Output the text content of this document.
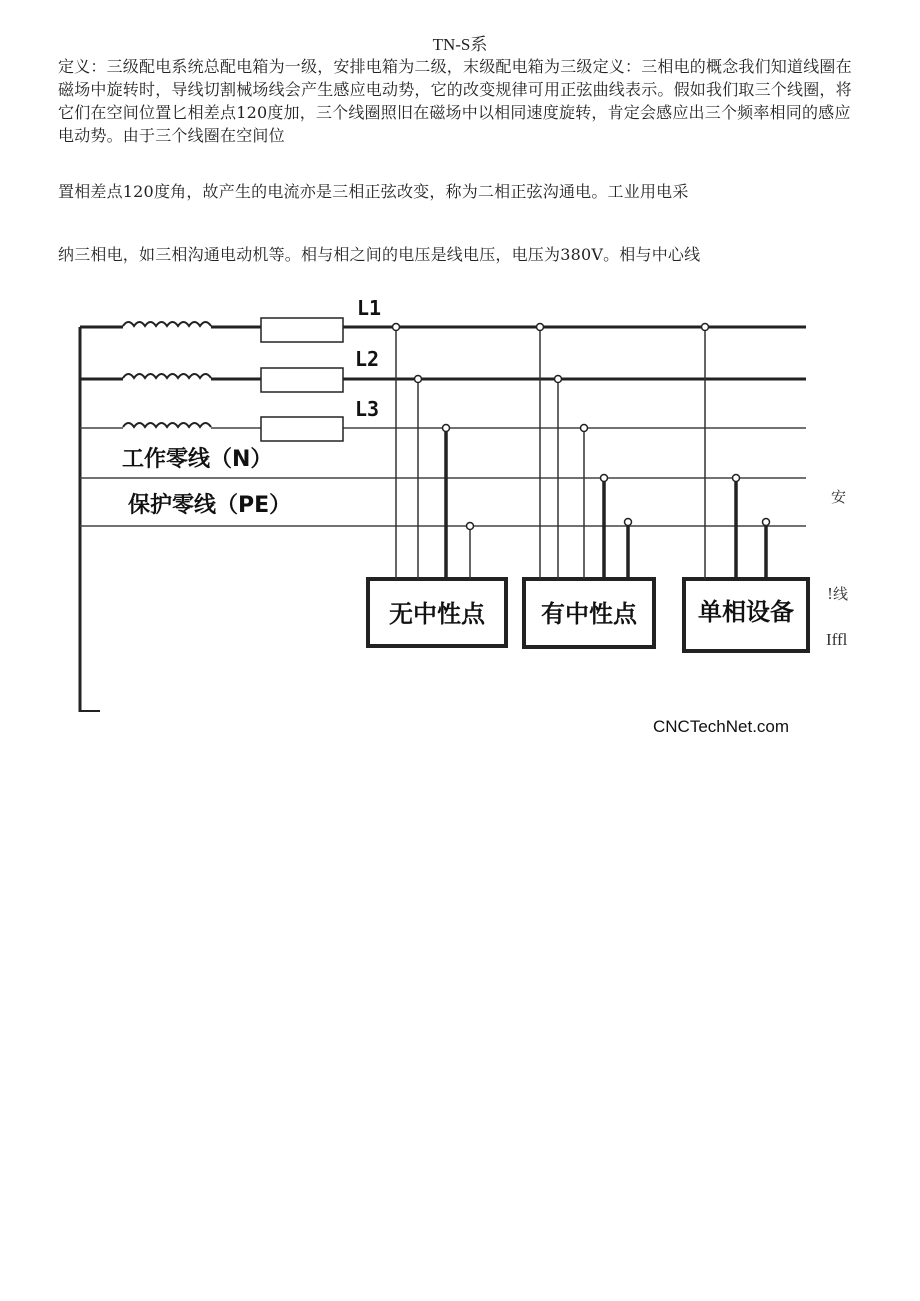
TN-S系

定义：三级配电系统总配电箱为一级，安排电箱为二级，末级配电箱为三级定义：三相电的概念我们知道线圈在磁场中旋转时，导线切割械场线会产生感应电动势，它的改变规律可用正弦曲线表示。假如我们取三个线圈，将它们在空间位置匕相差点120度加，三个线圈照旧在磁场中以相同速度旋转，肯定会感应出三个频率相同的感应电动势。由于三个线圈在空间位

置相差点120度角，故产生的电流亦是三相正弦改变，称为二相正弦沟通电。工业用电采

纳三相电，如三相沟通电动机等。相与相之间的电压是线电压，电压为380V。相与中心线

L1
L2
L3
工作零线（N）
保护零线（PE）
无中性点 有中性点	单相设备
安
!线
Iffl
CNCTechNet.com
